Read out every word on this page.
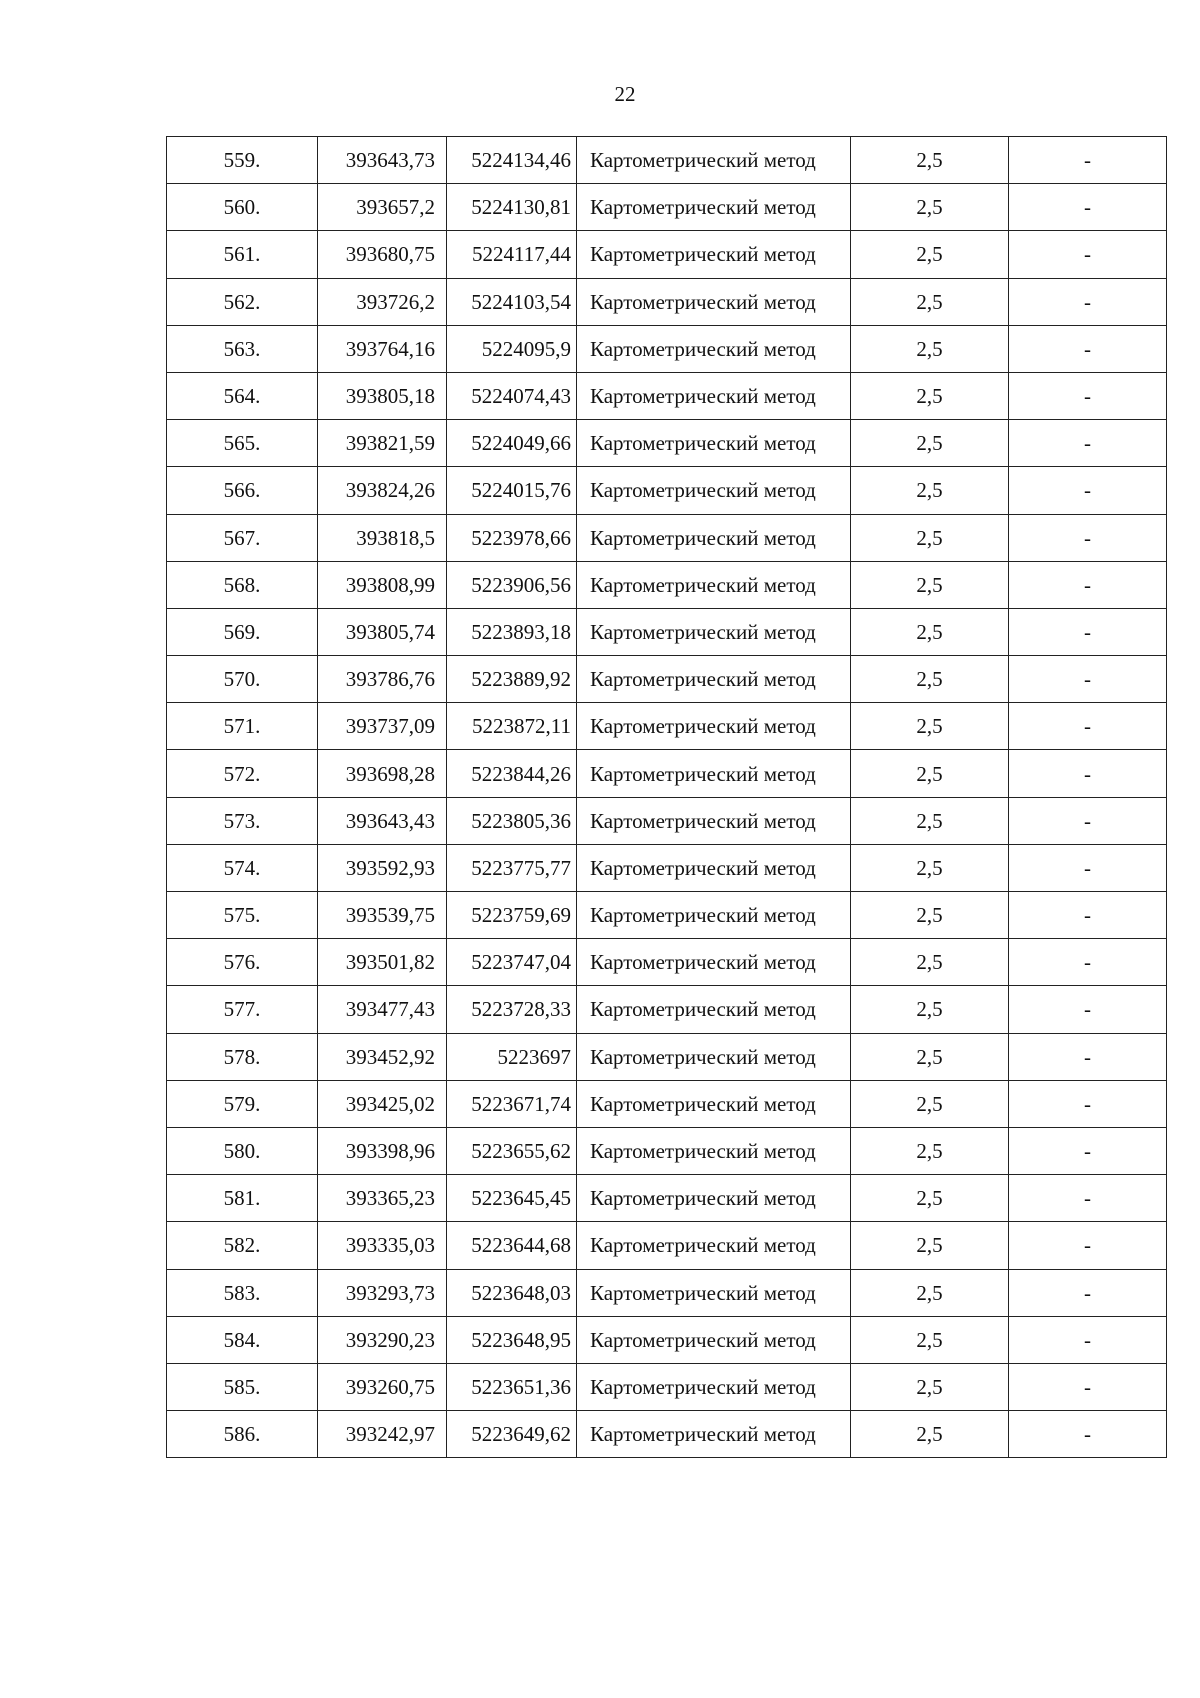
22
559.	393643,73	5224134,46	Картометрический метод	2,5	-
560.	393657,2	5224130,81	Картометрический метод	2,5	-
561.	393680,75	5224117,44	Картометрический метод	2,5	-
562.	393726,2	5224103,54	Картометрический метод	2,5	-
563.	393764,16	5224095,9	Картометрический метод	2,5	-
564.	393805,18	5224074,43	Картометрический метод	2,5	-
565.	393821,59	5224049,66	Картометрический метод	2,5	-
566.	393824,26	5224015,76	Картометрический метод	2,5	-
567.	393818,5	5223978,66	Картометрический метод	2,5	-
568.	393808,99	5223906,56	Картометрический метод	2,5	-
569.	393805,74	5223893,18	Картометрический метод	2,5	-
570.	393786,76	5223889,92	Картометрический метод	2,5	-
571.	393737,09	5223872,11	Картометрический метод	2,5	-
572.	393698,28	5223844,26	Картометрический метод	2,5	-
573.	393643,43	5223805,36	Картометрический метод	2,5	-
574.	393592,93	5223775,77	Картометрический метод	2,5	-
575.	393539,75	5223759,69	Картометрический метод	2,5	-
576.	393501,82	5223747,04	Картометрический метод	2,5	-
577.	393477,43	5223728,33	Картометрический метод	2,5	-
578.	393452,92	5223697	Картометрический метод	2,5	-
579.	393425,02	5223671,74	Картометрический метод	2,5	-
580.	393398,96	5223655,62	Картометрический метод	2,5	-
581.	393365,23	5223645,45	Картометрический метод	2,5	-
582.	393335,03	5223644,68	Картометрический метод	2,5	-
583.	393293,73	5223648,03	Картометрический метод	2,5	-
584.	393290,23	5223648,95	Картометрический метод	2,5	-
585.	393260,75	5223651,36	Картометрический метод	2,5	-
586.	393242,97	5223649,62	Картометрический метод	2,5	-
